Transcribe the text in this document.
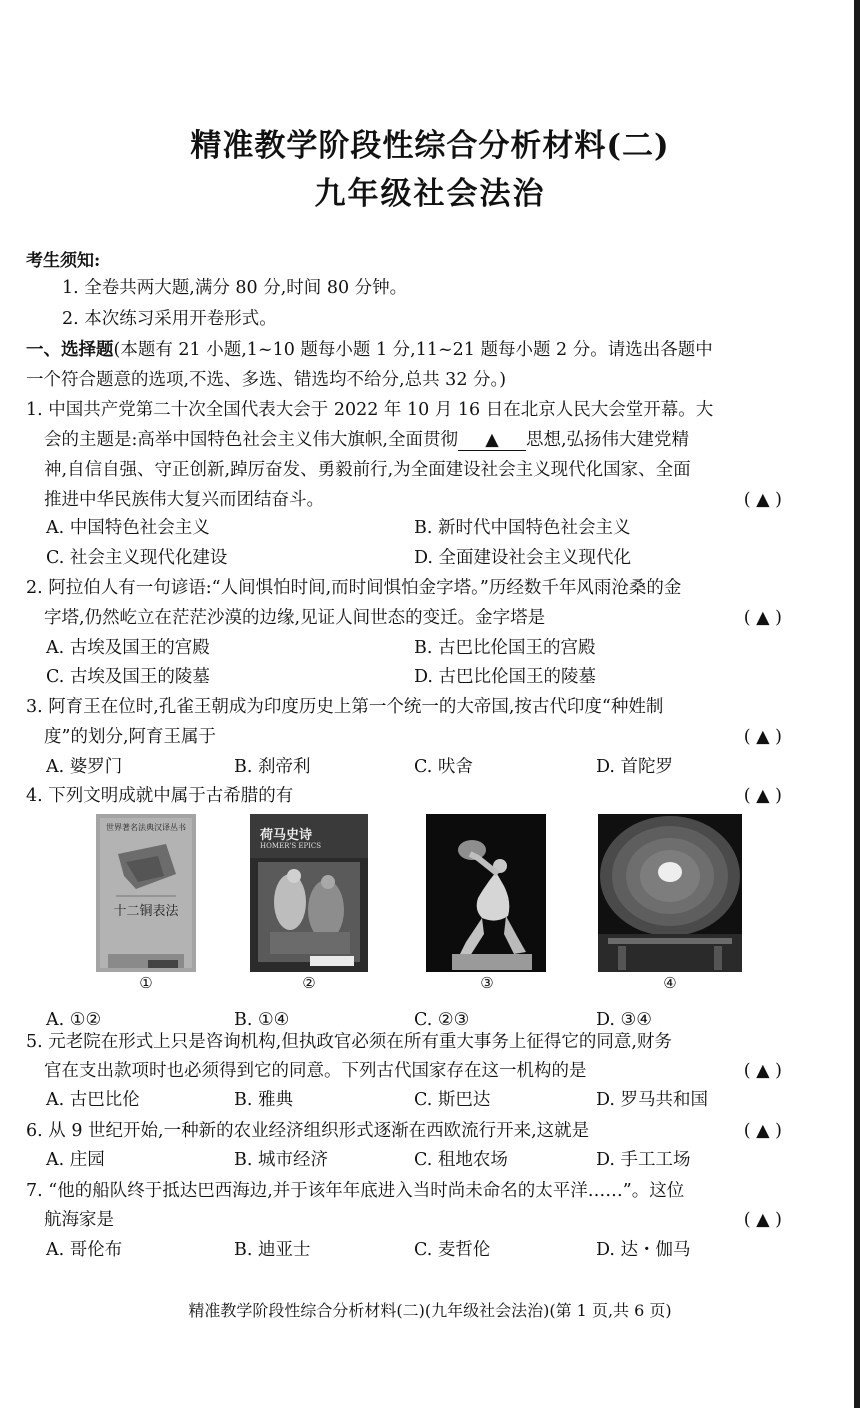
精准教学阶段性综合分析材料(二)
九年级社会法治
考生须知:
1. 全卷共两大题,满分 80 分,时间 80 分钟。
2. 本次练习采用开卷形式。
一、选择题(本题有 21 小题,1~10 题每小题 1 分,11~21 题每小题 2 分。请选出各题中
一个符合题意的选项,不选、多选、错选均不给分,总共 32 分。)
1. 中国共产党第二十次全国代表大会于 2022 年 10 月 16 日在北京人民大会堂开幕。大
会的主题是:高举中国特色社会主义伟大旗帜,全面贯彻 ▲ 思想,弘扬伟大建党精
神,自信自强、守正创新,踔厉奋发、勇毅前行,为全面建设社会主义现代化国家、全面
推进中华民族伟大复兴而团结奋斗。	( ▲ )
A. 中国特色社会主义	B. 新时代中国特色社会主义
C. 社会主义现代化建设	D. 全面建设社会主义现代化
2. 阿拉伯人有一句谚语:“人间惧怕时间,而时间惧怕金字塔。”历经数千年风雨沧桑的金
字塔,仍然屹立在茫茫沙漠的边缘,见证人间世态的变迁。金字塔是	( ▲ )
A. 古埃及国王的宫殿	B. 古巴比伦国王的宫殿
C. 古埃及国王的陵墓	D. 古巴比伦国王的陵墓
3. 阿育王在位时,孔雀王朝成为印度历史上第一个统一的大帝国,按古代印度“种姓制
度”的划分,阿育王属于	( ▲ )
A. 婆罗门	B. 刹帝利	C. 吠舍	D. 首陀罗
4. 下列文明成就中属于古希腊的有	( ▲ )
世界著名法典汉译丛书
十二铜表法
①
荷马史诗
HOMER'S EPICS
②	③	④
A. ①②	B. ①④	C. ②③	D. ③④
5. 元老院在形式上只是咨询机构,但执政官必须在所有重大事务上征得它的同意,财务
官在支出款项时也必须得到它的同意。下列古代国家存在这一机构的是	( ▲ )
A. 古巴比伦	B. 雅典	C. 斯巴达	D. 罗马共和国
6. 从 9 世纪开始,一种新的农业经济组织形式逐渐在西欧流行开来,这就是	( ▲ )
A. 庄园	B. 城市经济	C. 租地农场	D. 手工工场
7. “他的船队终于抵达巴西海边,并于该年年底进入当时尚未命名的太平洋……”。这位
航海家是	( ▲ )
A. 哥伦布	B. 迪亚士	C. 麦哲伦	D. 达・伽马
精准教学阶段性综合分析材料(二)(九年级社会法治)(第 1 页,共 6 页)
